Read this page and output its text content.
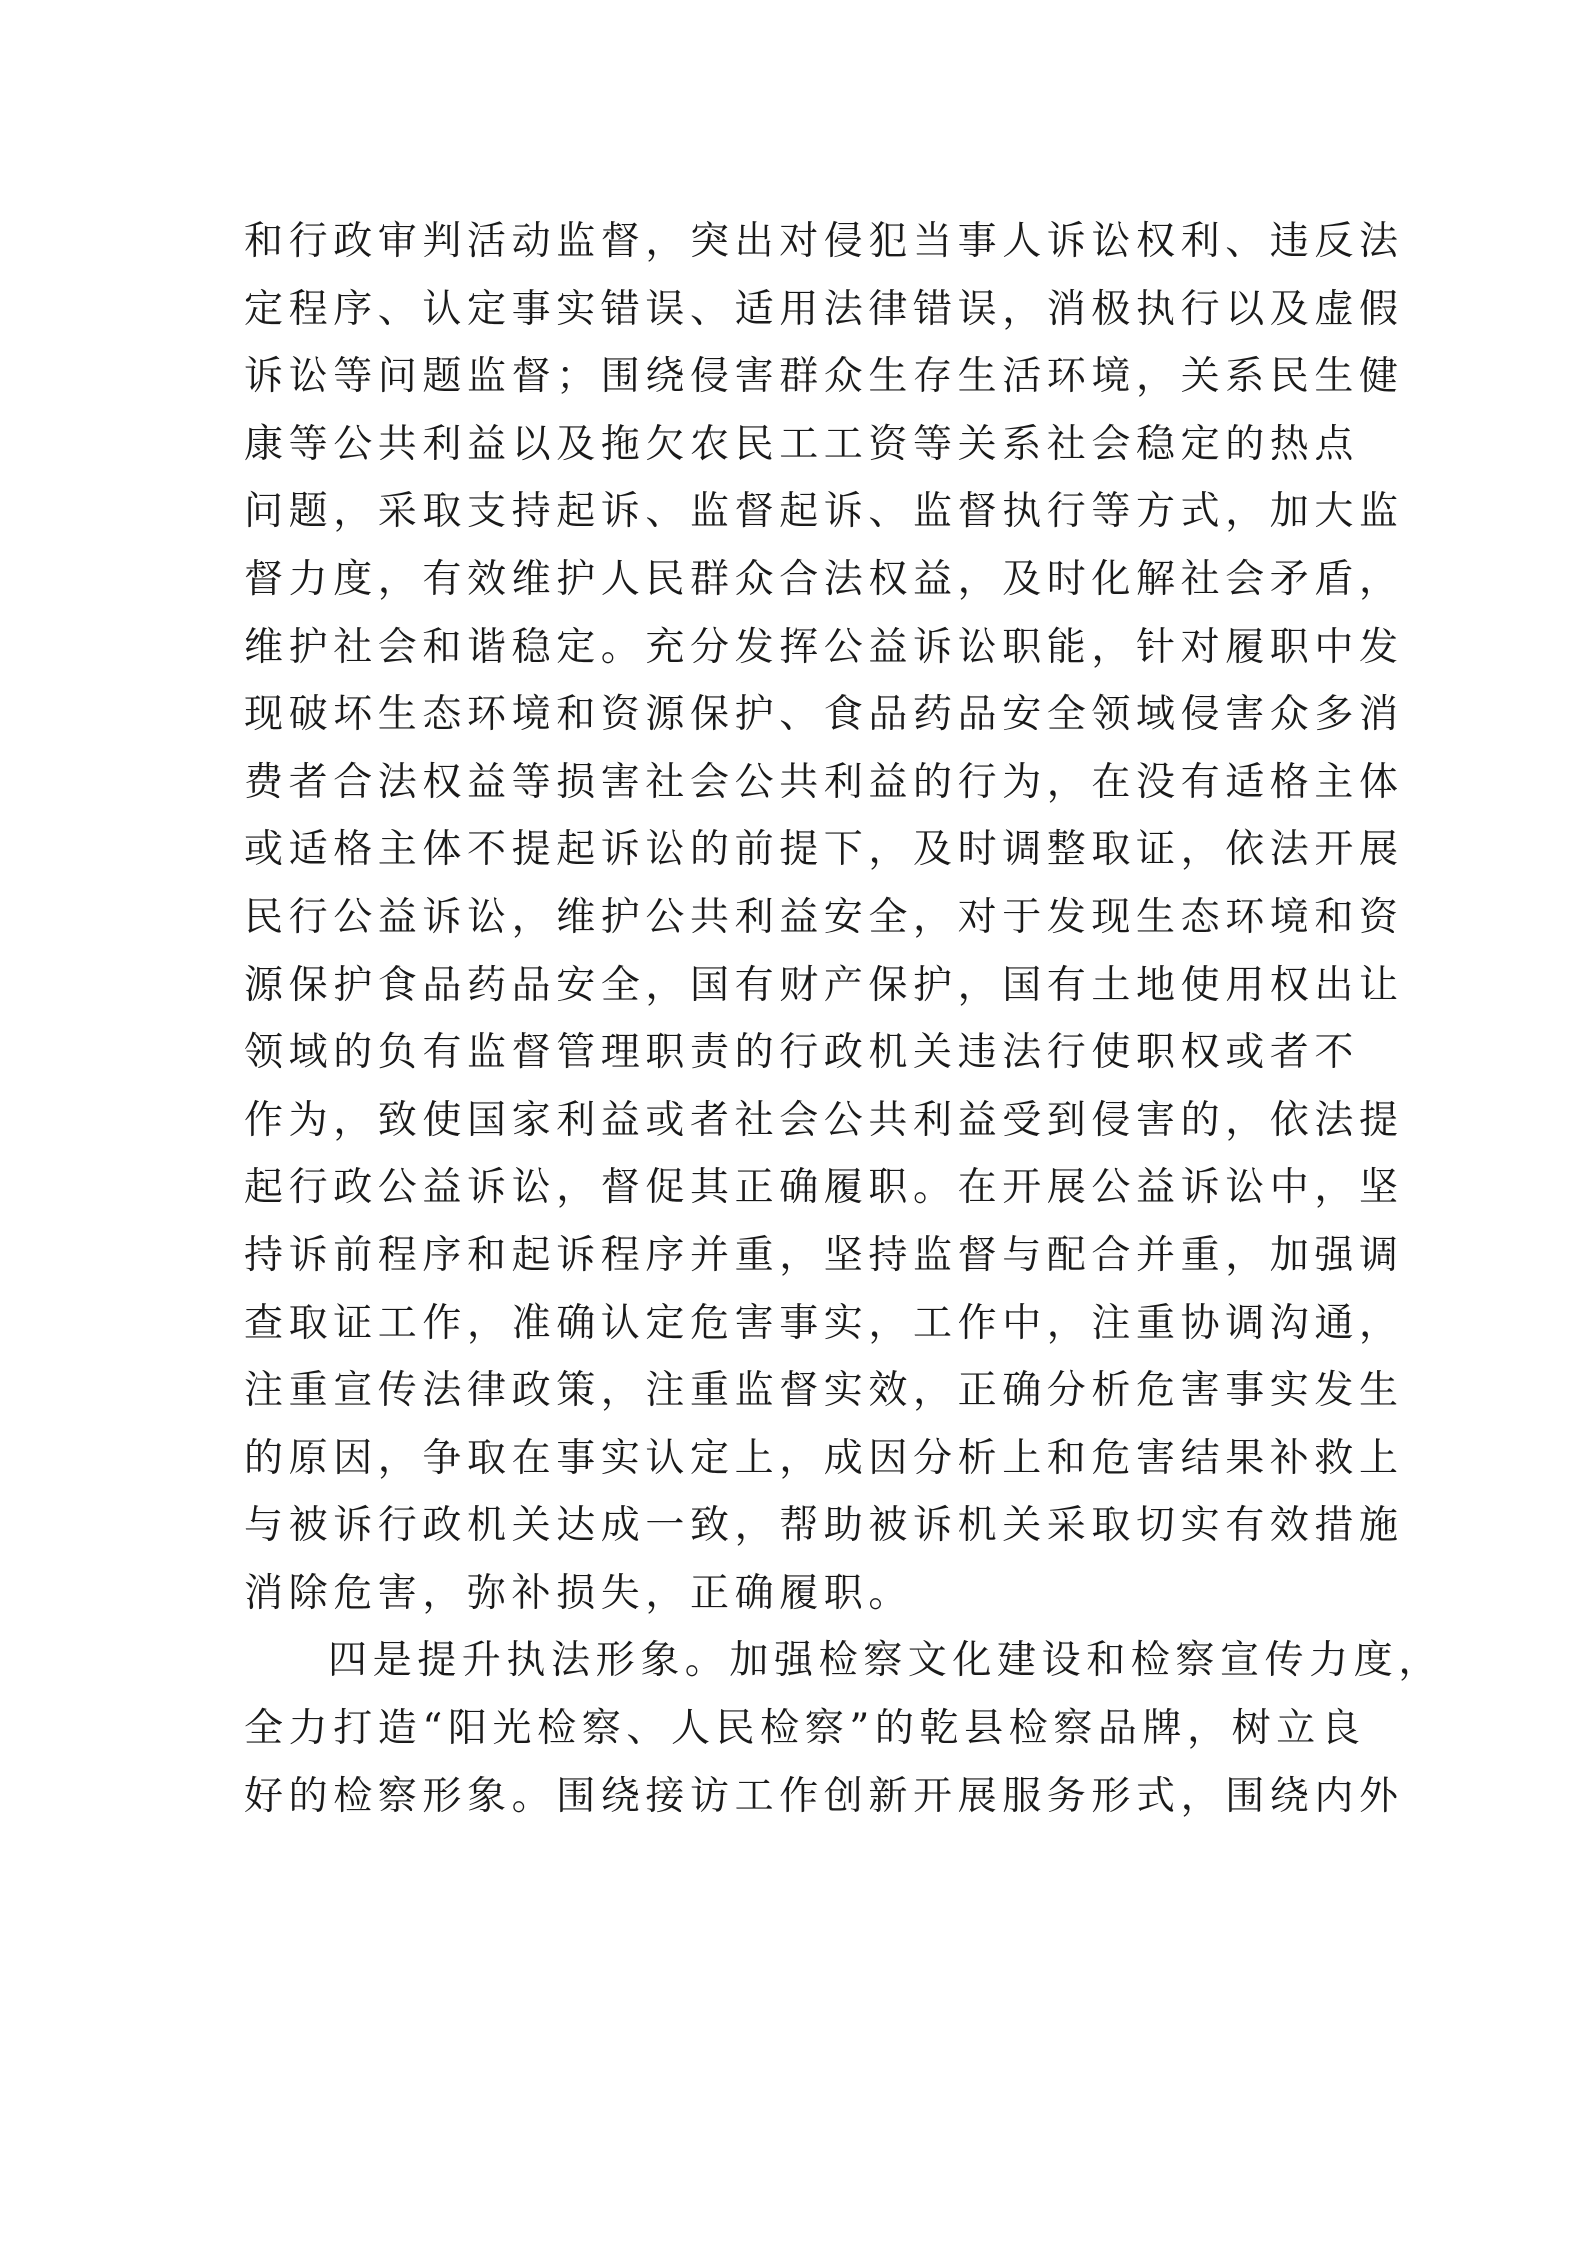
和行政审判活动监督，突出对侵犯当事人诉讼权利、违反法
定程序、认定事实错误、适用法律错误，消极执行以及虚假
诉讼等问题监督；围绕侵害群众生存生活环境，关系民生健
康等公共利益以及拖欠农民工工资等关系社会稳定的热点
问题，采取支持起诉、监督起诉、监督执行等方式，加大监
督力度，有效维护人民群众合法权益，及时化解社会矛盾，
维护社会和谐稳定。充分发挥公益诉讼职能，针对履职中发
现破坏生态环境和资源保护、食品药品安全领域侵害众多消
费者合法权益等损害社会公共利益的行为，在没有适格主体
或适格主体不提起诉讼的前提下，及时调整取证，依法开展
民行公益诉讼，维护公共利益安全，对于发现生态环境和资
源保护食品药品安全，国有财产保护，国有土地使用权出让
领域的负有监督管理职责的行政机关违法行使职权或者不
作为，致使国家利益或者社会公共利益受到侵害的，依法提
起行政公益诉讼，督促其正确履职。在开展公益诉讼中，坚
持诉前程序和起诉程序并重，坚持监督与配合并重，加强调
查取证工作，准确认定危害事实，工作中，注重协调沟通，
注重宣传法律政策，注重监督实效，正确分析危害事实发生
的原因，争取在事实认定上，成因分析上和危害结果补救上
与被诉行政机关达成一致，帮助被诉机关采取切实有效措施
消除危害，弥补损失，正确履职。
四是提升执法形象。加强检察文化建设和检察宣传力度，
全力打造“阳光检察、人民检察”的乾县检察品牌，树立良
好的检察形象。围绕接访工作创新开展服务形式，围绕内外
